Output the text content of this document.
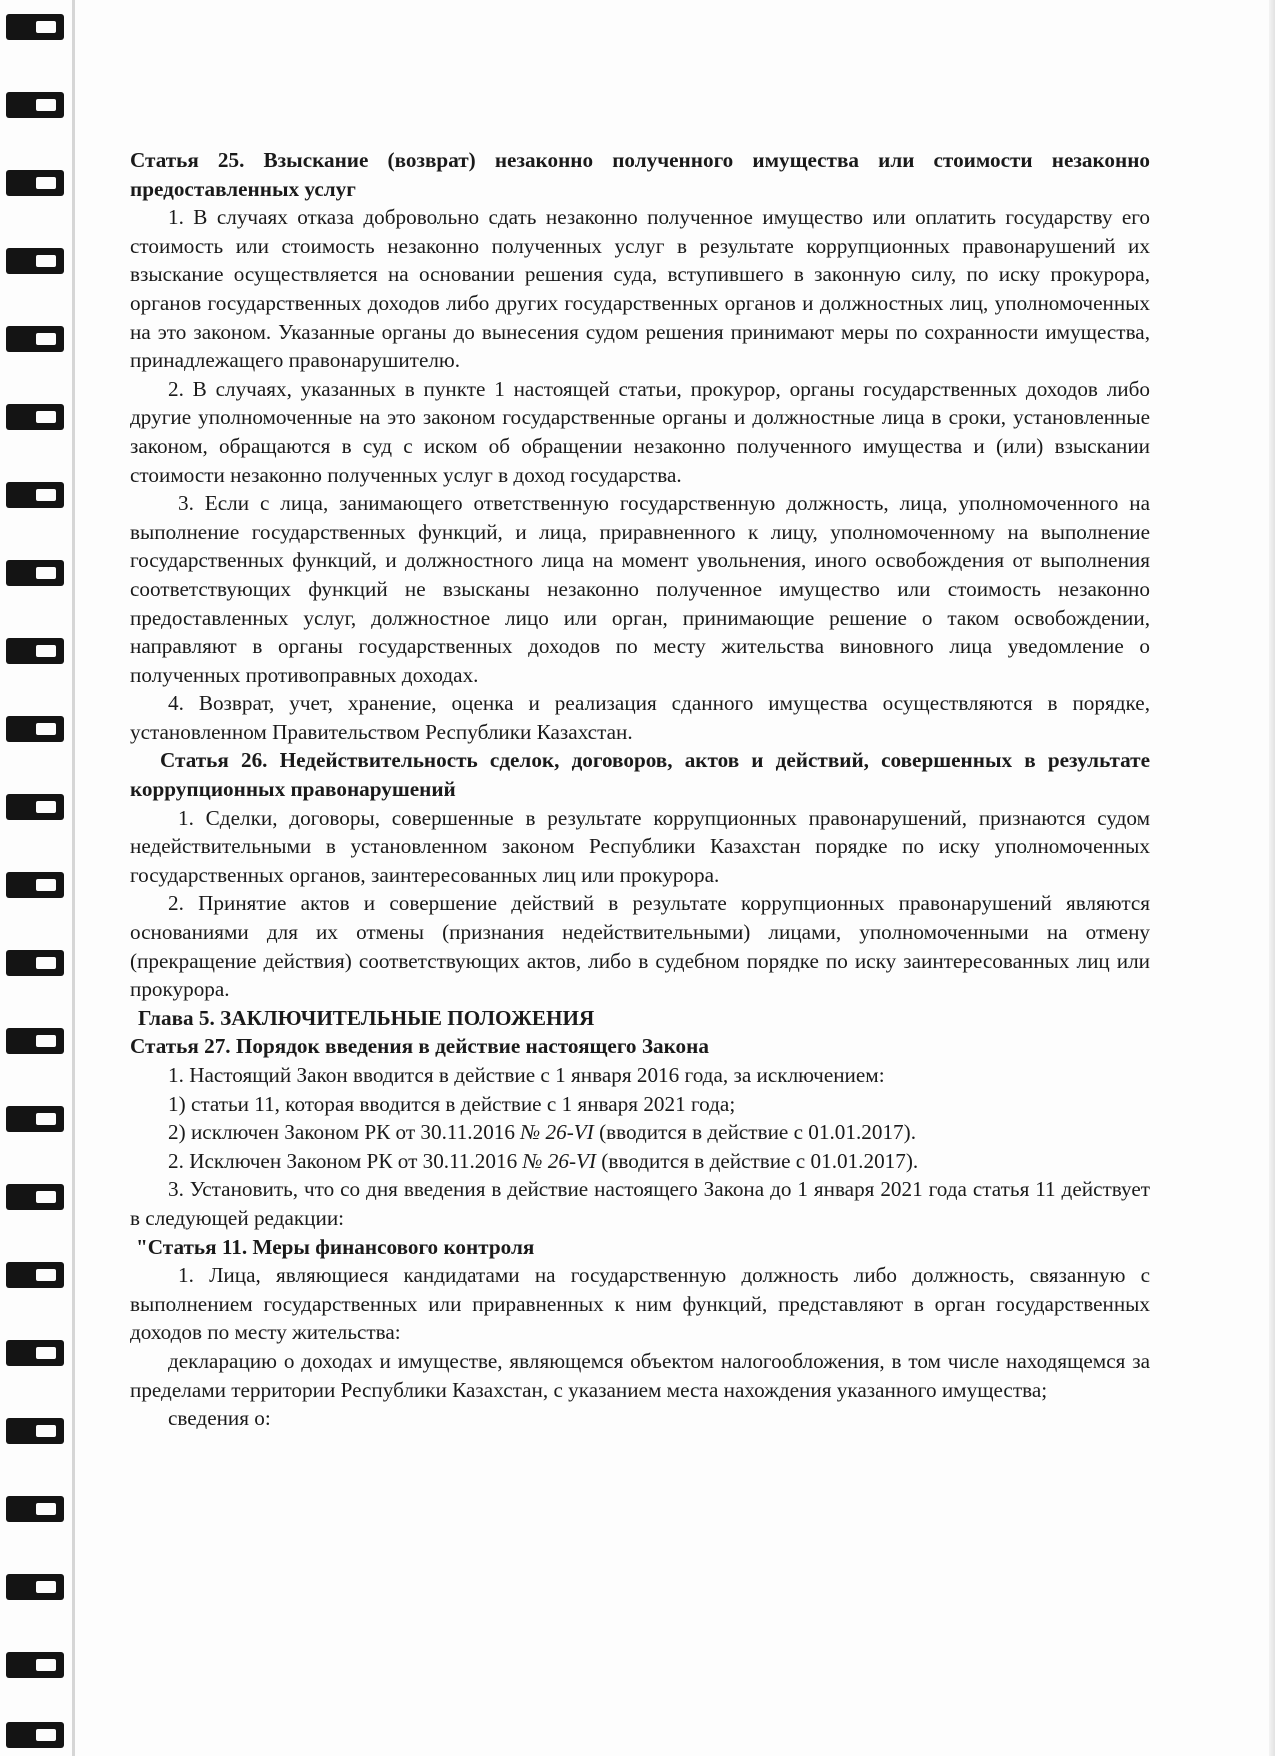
Статья 25. Взыскание (возврат) незаконно полученного имущества или стоимости незаконно предоставленных услуг

1. В случаях отказа добровольно сдать незаконно полученное имущество или оплатить государству его стоимость или стоимость незаконно полученных услуг в результате коррупционных правонарушений их взыскание осуществляется на основании решения суда, вступившего в законную силу, по иску прокурора, органов государственных доходов либо других государственных органов и должностных лиц, уполномоченных на это законом. Указанные органы до вынесения судом решения принимают меры по сохранности имущества, принадлежащего правонарушителю.

2. В случаях, указанных в пункте 1 настоящей статьи, прокурор, органы государственных доходов либо другие уполномоченные на это законом государственные органы и должностные лица в сроки, установленные законом, обращаются в суд с иском об обращении незаконно полученного имущества и (или) взыскании стоимости незаконно полученных услуг в доход государства.

3. Если с лица, занимающего ответственную государственную должность, лица, уполномоченного на выполнение государственных функций, и лица, приравненного к лицу, уполномоченному на выполнение государственных функций, и должностного лица на момент увольнения, иного освобождения от выполнения соответствующих функций не взысканы незаконно полученное имущество или стоимость незаконно предоставленных услуг, должностное лицо или орган, принимающие решение о таком освобождении, направляют в органы государственных доходов по месту жительства виновного лица уведомление о полученных противоправных доходах.

4. Возврат, учет, хранение, оценка и реализация сданного имущества осуществляются в порядке, установленном Правительством Республики Казахстан.

Статья 26. Недействительность сделок, договоров, актов и действий, совершенных в результате коррупционных правонарушений

1. Сделки, договоры, совершенные в результате коррупционных правонарушений, признаются судом недействительными в установленном законом Республики Казахстан порядке по иску уполномоченных государственных органов, заинтересованных лиц или прокурора.

2. Принятие актов и совершение действий в результате коррупционных правонарушений являются основаниями для их отмены (признания недействительными) лицами, уполномоченными на отмену (прекращение действия) соответствующих актов, либо в судебном порядке по иску заинтересованных лиц или прокурора.

Глава 5. ЗАКЛЮЧИТЕЛЬНЫЕ ПОЛОЖЕНИЯ

Статья 27. Порядок введения в действие настоящего Закона

1. Настоящий Закон вводится в действие с 1 января 2016 года, за исключением:

1) статьи 11, которая вводится в действие с 1 января 2021 года;

2) исключен Законом РК от 30.11.2016 № 26-VI (вводится в действие с 01.01.2017).

2. Исключен Законом РК от 30.11.2016 № 26-VI (вводится в действие с 01.01.2017).

3. Установить, что со дня введения в действие настоящего Закона до 1 января 2021 года статья 11 действует в следующей редакции:

"Статья 11. Меры финансового контроля

1. Лица, являющиеся кандидатами на государственную должность либо должность, связанную с выполнением государственных или приравненных к ним функций, представляют в орган государственных доходов по месту жительства:

декларацию о доходах и имуществе, являющемся объектом налогообложения, в том числе находящемся за пределами территории Республики Казахстан, с указанием места нахождения указанного имущества;

сведения о:
